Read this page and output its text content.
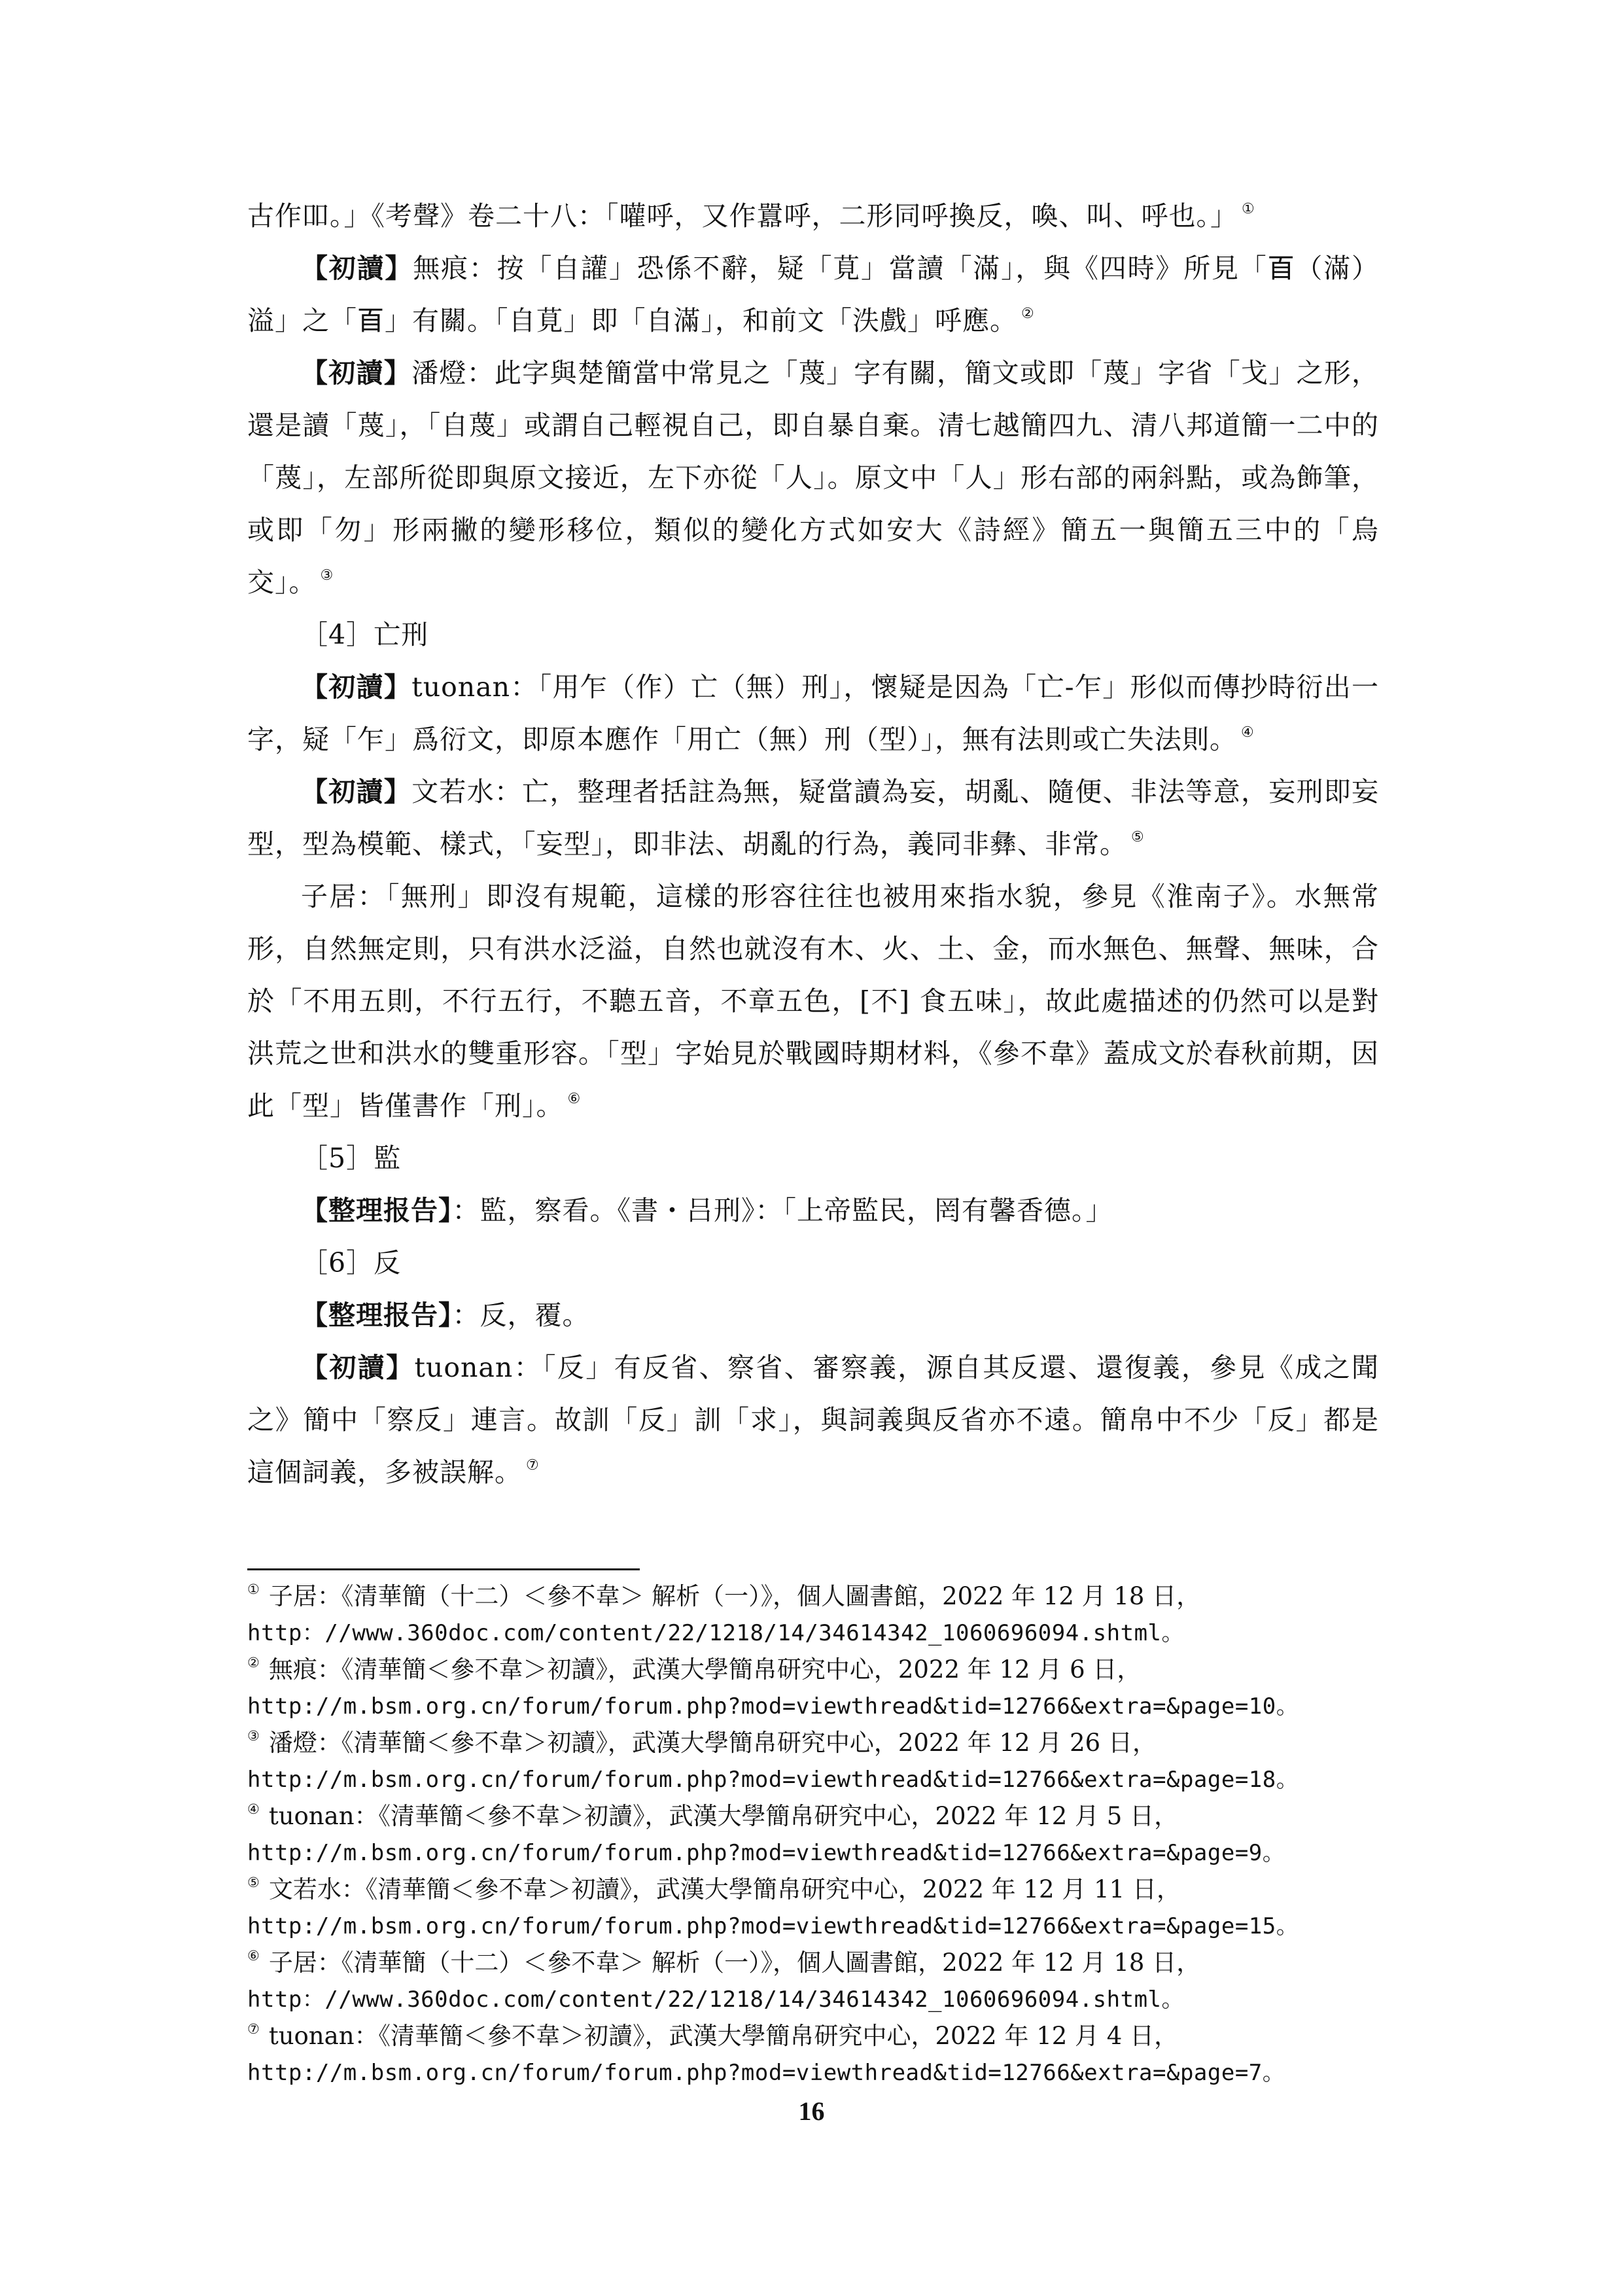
古作吅。」《考聲》卷二十八：「嚾呼，又作囂呼，二形同呼換反，喚、叫、呼也。」 ①

【初讀】無痕：按「自讙」恐係不辭，疑「莧」當讀「滿」，與《四時》所見「𦣻（滿）溢」之「𦣻」有關。「自莧」即「自滿」，和前文「泆戲」呼應。 ②

【初讀】潘燈：此字與楚簡當中常見之「蔑」字有關，簡文或即「蔑」字省「戈」之形，還是讀「蔑」，「自蔑」或謂自己輕視自己，即自暴自棄。清七越簡四九、清八邦道簡一二中的「蔑」，左部所從即與原文接近，左下亦從「人」。原文中「人」形右部的兩斜點，或為飾筆，或即「勿」形兩撇的變形移位，類似的變化方式如安大《詩經》簡五一與簡五三中的「烏交」。 ③

［4］亡刑

【初讀】tuonan：「用乍（作）亡（無）刑」，懷疑是因為「亡-乍」形似而傳抄時衍出一字，疑「乍」爲衍文，即原本應作「用亡（無）刑（型）」，無有法則或亡失法則。 ④

【初讀】文若水：亡，整理者括註為無，疑當讀為妄，胡亂、隨便、非法等意，妄刑即妄型，型為模範、樣式，「妄型」，即非法、胡亂的行為，義同非彝、非常。 ⑤

子居：「無刑」即沒有規範，這樣的形容往往也被用來指水貌，參見《淮南子》。水無常形，自然無定則，只有洪水泛溢，自然也就沒有木、火、土、金，而水無色、無聲、無味，合於「不用五則，不行五行，不聽五音，不章五色，[不] 食五味」，故此處描述的仍然可以是對洪荒之世和洪水的雙重形容。「型」字始見於戰國時期材料，《參不韋》蓋成文於春秋前期，因此「型」皆僅書作「刑」。 ⑥

［5］監

【整理报告】：監，察看。《書・吕刑》：「上帝監民，罔有馨香德。」

［6］反

【整理报告】：反，覆。

【初讀】tuonan：「反」有反省、察省、審察義，源自其反還、還復義，參見《成之聞之》簡中「察反」連言。故訓「反」訓「求」，與詞義與反省亦不遠。簡帛中不少「反」都是這個詞義，多被誤解。 ⑦

① 子居：《清華簡（十二）＜參不韋＞ 解析（一）》，個人圖書館，2022 年 12 月 18 日，
http：//www.360doc.com/content/22/1218/14/34614342_1060696094.shtml。

② 無痕：《清華簡＜參不韋＞初讀》，武漢大學簡帛研究中心，2022 年 12 月 6 日，
http://m.bsm.org.cn/forum/forum.php?mod=viewthread&tid=12766&extra=&page=10。

③ 潘燈：《清華簡＜參不韋＞初讀》，武漢大學簡帛研究中心，2022 年 12 月 26 日，
http://m.bsm.org.cn/forum/forum.php?mod=viewthread&tid=12766&extra=&page=18。

④ tuonan：《清華簡＜參不韋＞初讀》，武漢大學簡帛研究中心，2022 年 12 月 5 日，
http://m.bsm.org.cn/forum/forum.php?mod=viewthread&tid=12766&extra=&page=9。

⑤ 文若水：《清華簡＜參不韋＞初讀》，武漢大學簡帛研究中心，2022 年 12 月 11 日，
http://m.bsm.org.cn/forum/forum.php?mod=viewthread&tid=12766&extra=&page=15。

⑥ 子居：《清華簡（十二）＜參不韋＞ 解析（一）》，個人圖書館，2022 年 12 月 18 日，
http：//www.360doc.com/content/22/1218/14/34614342_1060696094.shtml。

⑦ tuonan：《清華簡＜參不韋＞初讀》，武漢大學簡帛研究中心，2022 年 12 月 4 日，
http://m.bsm.org.cn/forum/forum.php?mod=viewthread&tid=12766&extra=&page=7。

16
